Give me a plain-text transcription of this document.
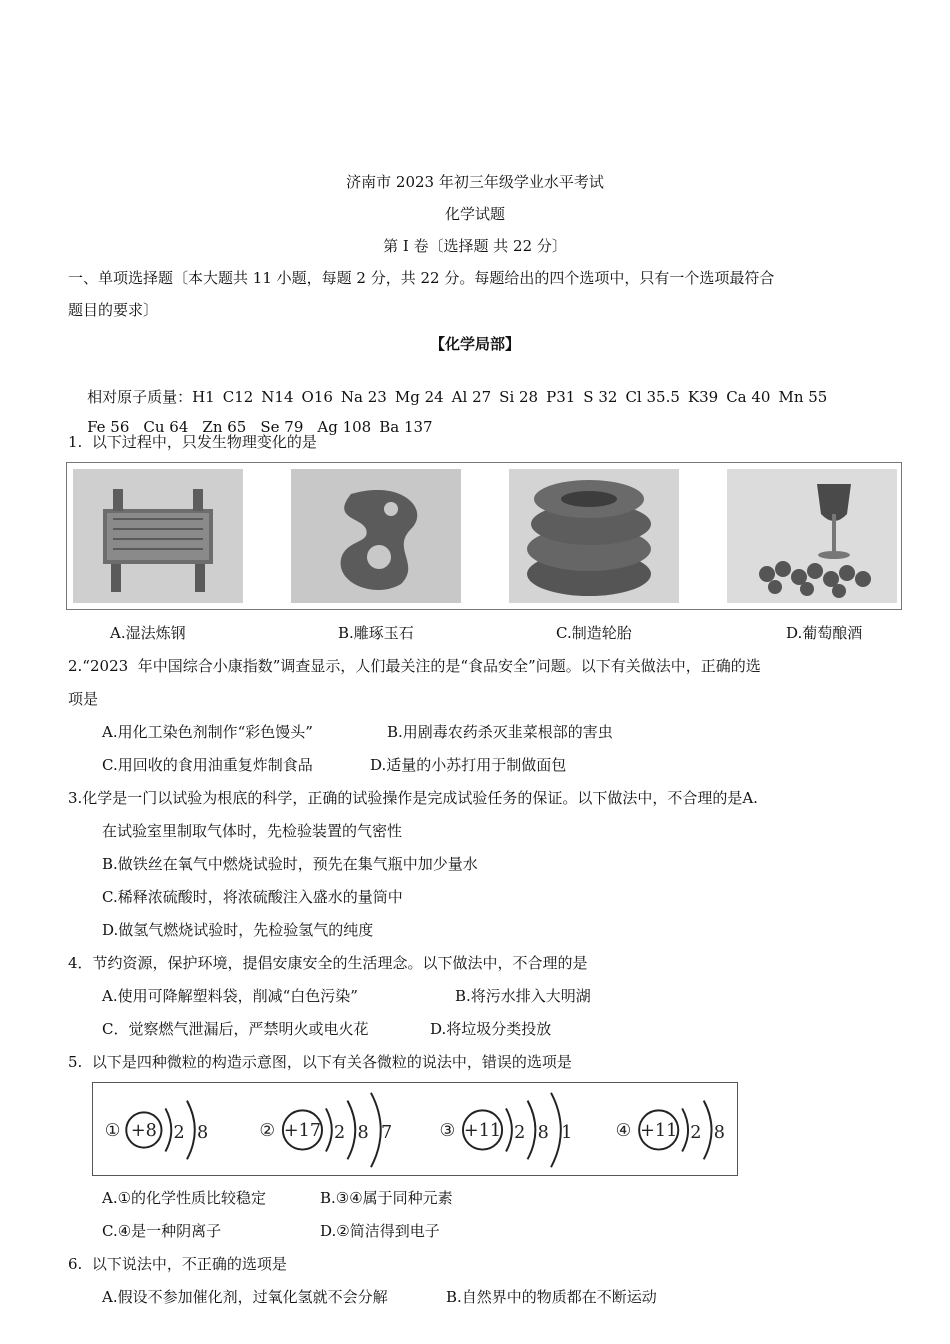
济南市 2023 年初三年级学业水平考试
化学试题
第 I 卷〔选择题 共 22 分〕
一、单项选择题〔本大题共 11 小题，每题 2 分，共 22 分。每题给出的四个选项中，只有一个选项最符合
题目的要求〕
【化学局部】

相对原子质量：H1 C12 N14 O16 Na 23 Mg 24 Al 27 Si 28 P31 S 32 Cl 35.5 K39 Ca 40 Mn 55

Fe 56 Cu 64 Zn 65 Se 79 Ag 108 Ba 137

1.  以下过程中，只发生物理变化的是
A.湿法炼钢	B.雕琢玉石	C.制造轮胎	D.葡萄酿酒
2.“2023  年中国综合小康指数”调查显示，人们最关注的是“食品安全”问题。以下有关做法中，正确的选
项是
A.用化工染色剂制作“彩色馒头”	B.用剧毒农药杀灭韭菜根部的害虫
C.用回收的食用油重复炸制食品	D.适量的小苏打用于制做面包
3.化学是一门以试验为根底的科学，正确的试验操作是完成试验任务的保证。以下做法中，不合理的是A.
在试验室里制取气体时，先检验装置的气密性
B.做铁丝在氧气中燃烧试验时，预先在集气瓶中加少量水
C.稀释浓硫酸时，将浓硫酸注入盛水的量筒中
D.做氢气燃烧试验时，先检验氢气的纯度
4．节约资源，保护环境，提倡安康安全的生活理念。以下做法中，不合理的是
A.使用可降解塑料袋，削减“白色污染”	B.将污水排入大明湖
C．觉察燃气泄漏后，严禁明火或电火花	D.将垃圾分类投放
5.  以下是四种微粒的构造示意图，以下有关各微粒的说法中，错误的选项是
① +8 2 8	② +17 2 8 7	③ +11 2 8 1 ④ +11 2 8
A.①的化学性质比较稳定	B.③④属于同种元素
C.④是一种阴离子	D.②简洁得到电子
6.  以下说法中，不正确的选项是
A.假设不参加催化剂，过氧化氢就不会分解	B.自然界中的物质都在不断运动
